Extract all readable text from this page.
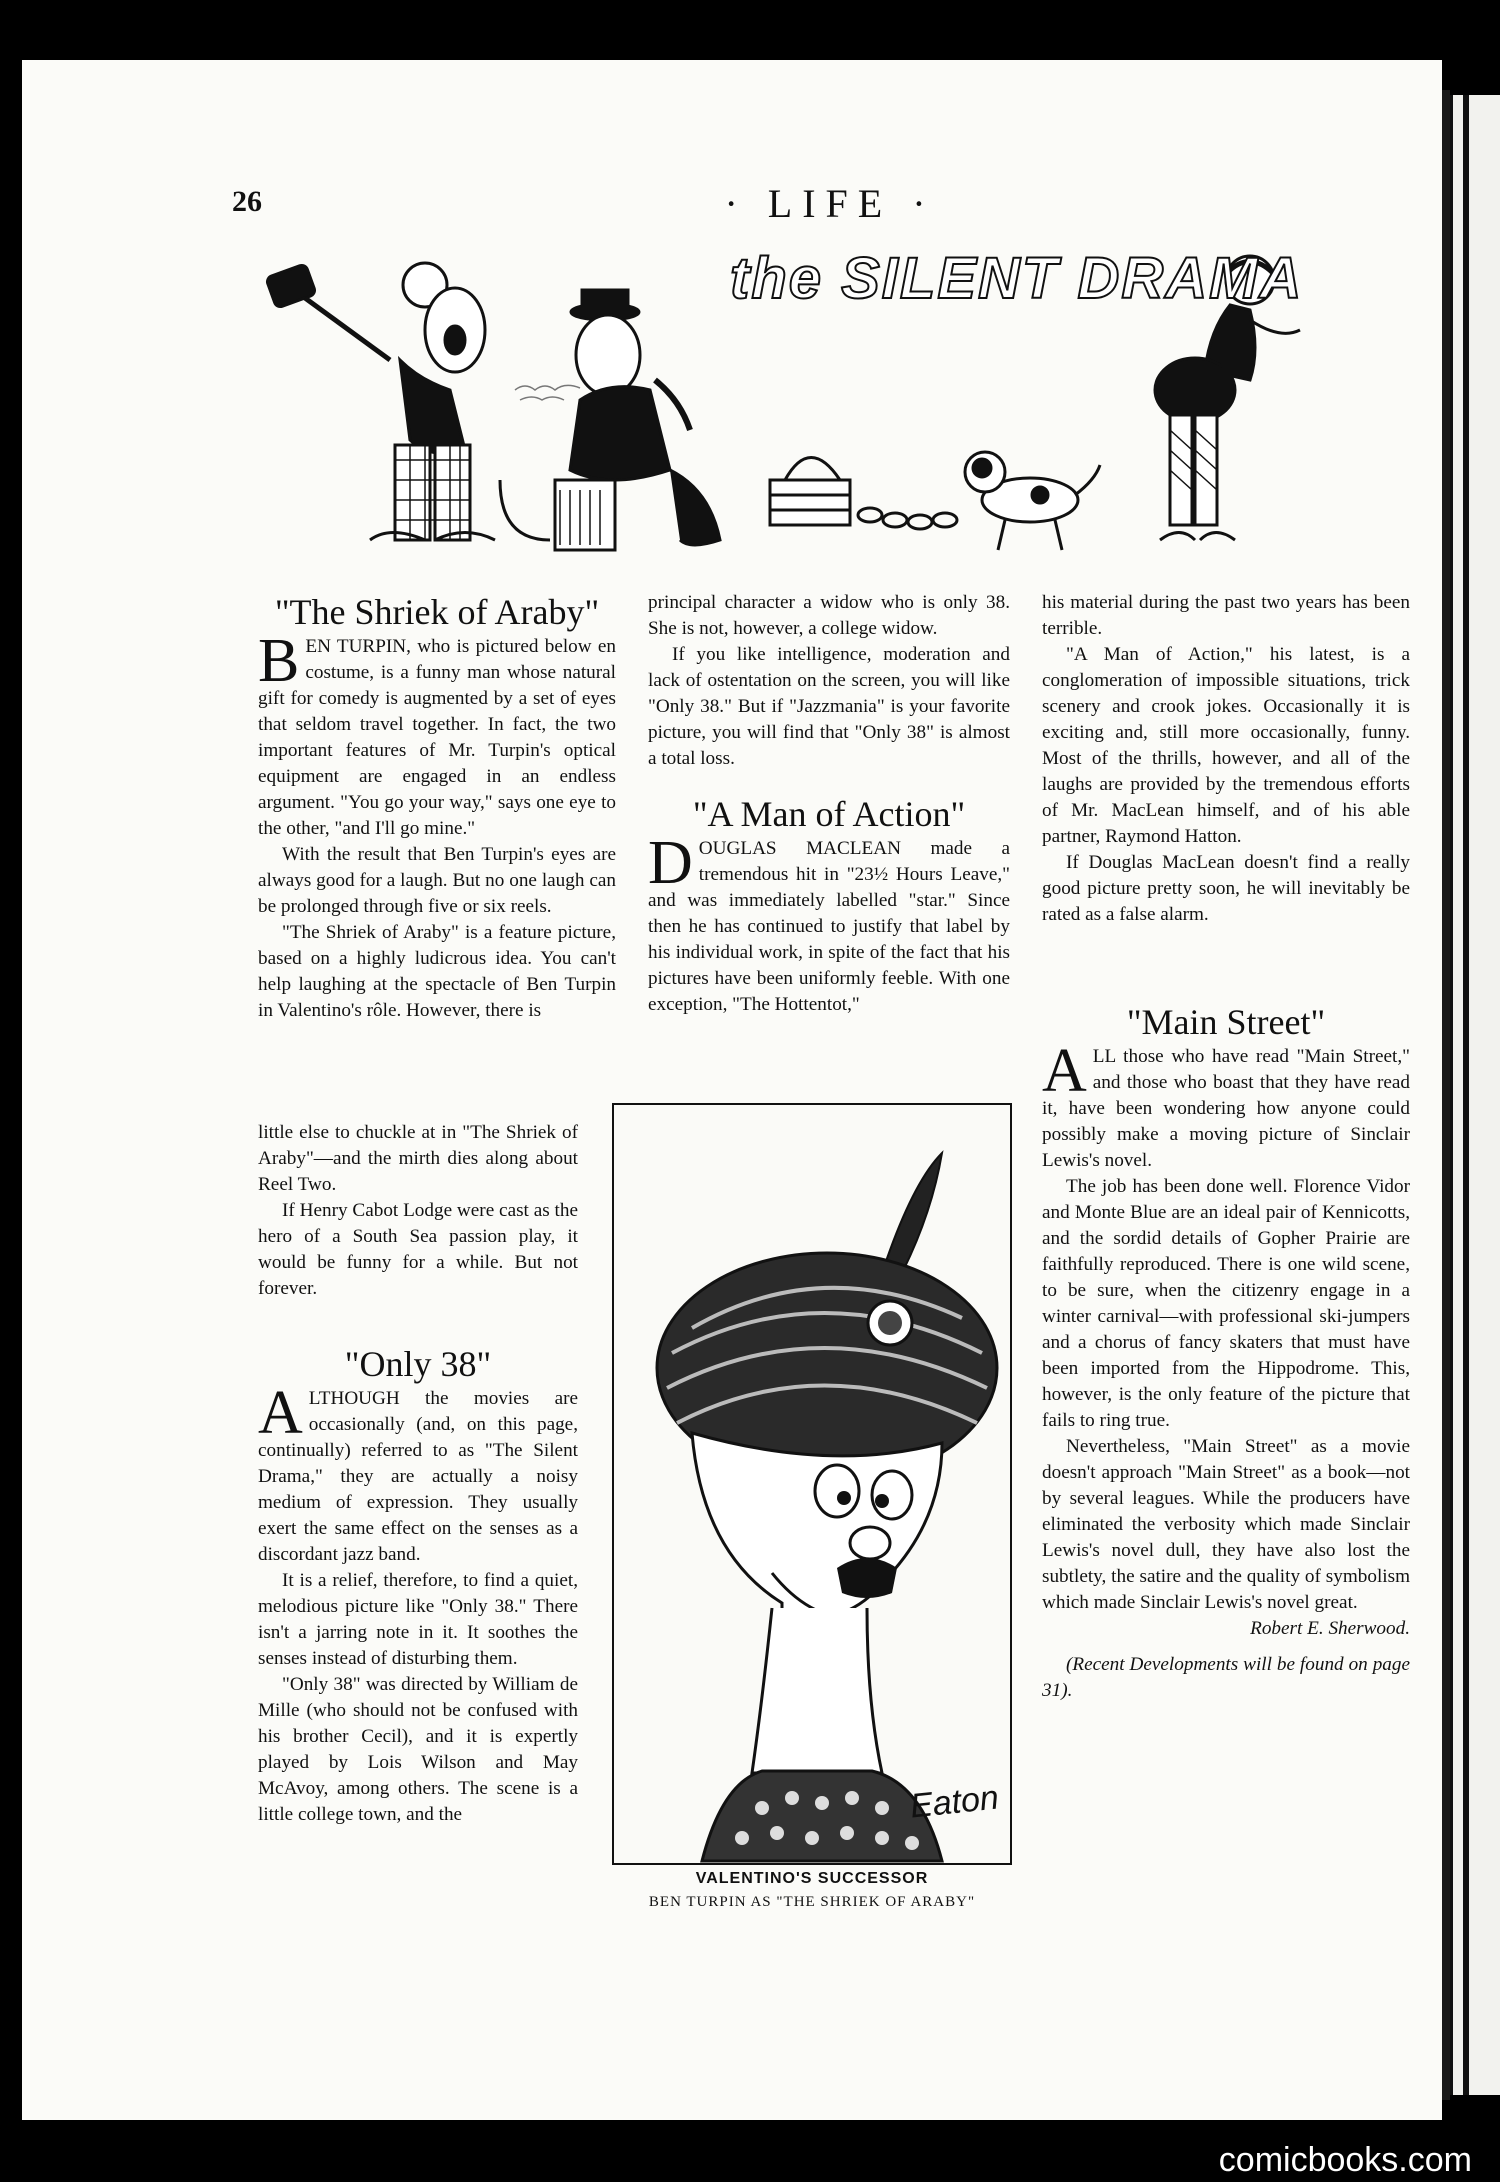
26	· LIFE ·
the SILENT DRAMA
"The Shriek of Araby"

BEN TURPIN, who is pictured below en costume, is a funny man whose natural gift for comedy is augmented by a set of eyes that seldom travel together. In fact, the two important features of Mr. Turpin's optical equipment are engaged in an endless argument. "You go your way," says one eye to the other, "and I'll go mine."

With the result that Ben Turpin's eyes are always good for a laugh. But no one laugh can be prolonged through five or six reels.

"The Shriek of Araby" is a feature picture, based on a highly ludicrous idea. You can't help laughing at the spectacle of Ben Turpin in Valentino's rôle. However, there is

little else to chuckle at in "The Shriek of Araby"—and the mirth dies along about Reel Two.

If Henry Cabot Lodge were cast as the hero of a South Sea passion play, it would be funny for a while. But not forever.

"Only 38"

ALTHOUGH the movies are occasionally (and, on this page, continually) referred to as "The Silent Drama," they are actually a noisy medium of expression. They usually exert the same effect on the senses as a discordant jazz band.

It is a relief, therefore, to find a quiet, melodious picture like "Only 38." There isn't a jarring note in it. It soothes the senses instead of disturbing them.

"Only 38" was directed by William de Mille (who should not be confused with his brother Cecil), and it is expertly played by Lois Wilson and May McAvoy, among others. The scene is a little college town, and the

principal character a widow who is only 38. She is not, however, a college widow.

If you like intelligence, moderation and lack of ostentation on the screen, you will like "Only 38." But if "Jazzmania" is your favorite picture, you will find that "Only 38" is almost a total loss.

"A Man of Action"

DOUGLAS MACLEAN made a tremendous hit in "23½ Hours Leave," and was immediately labelled "star." Since then he has continued to justify that label by his individual work, in spite of the fact that his pictures have been uniformly feeble. With one exception, "The Hottentot,"

his material during the past two years has been terrible.

"A Man of Action," his latest, is a conglomeration of impossible situations, trick scenery and crook jokes. Occasionally it is exciting and, still more occasionally, funny. Most of the thrills, however, and all of the laughs are provided by the tremendous efforts of Mr. MacLean himself, and of his able partner, Raymond Hatton.

If Douglas MacLean doesn't find a really good picture pretty soon, he will inevitably be rated as a false alarm.

"Main Street"

ALL those who have read "Main Street," and those who boast that they have read it, have been wondering how anyone could possibly make a moving picture of Sinclair Lewis's novel.

The job has been done well. Florence Vidor and Monte Blue are an ideal pair of Kennicotts, and the sordid details of Gopher Prairie are faithfully reproduced. There is one wild scene, to be sure, when the citizenry engage in a winter carnival—with professional ski-jumpers and a chorus of fancy skaters that must have been imported from the Hippodrome. This, however, is the only feature of the picture that fails to ring true.

Nevertheless, "Main Street" as a movie doesn't approach "Main Street" as a book—not by several leagues. While the producers have eliminated the verbosity which made Sinclair Lewis's novel dull, they have also lost the subtlety, the satire and the quality of symbolism which made Sinclair Lewis's novel great.

Robert E. Sherwood.

(Recent Developments will be found on page 31).

Eaton
VALENTINO'S SUCCESSOR
BEN TURPIN AS "THE SHRIEK OF ARABY"
comicbooks.com
